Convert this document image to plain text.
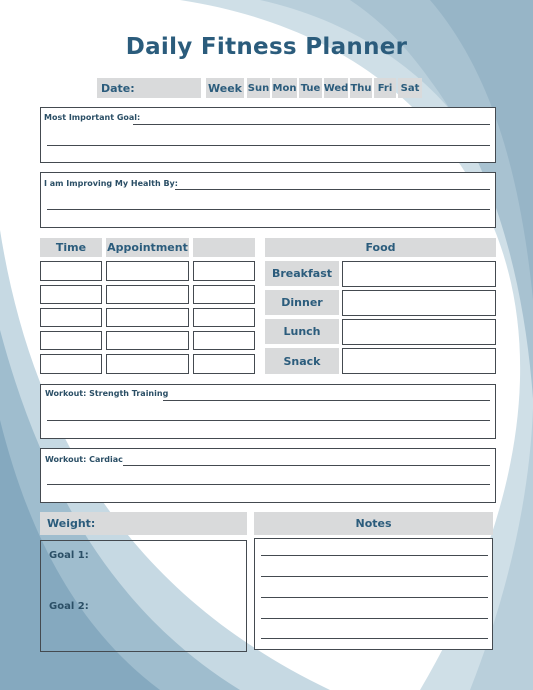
Daily Fitness Planner
Date:	Week Sun Mon Tue Wed Thu Fri Sat
Most Important Goal:
I am Improving My Health By:
Time Appointment	Food
Breakfast
Dinner
Lunch
Snack
Workout: Strength Training
Workout: Cardiac
Weight:
Goal 1:
Goal 2:
Notes
